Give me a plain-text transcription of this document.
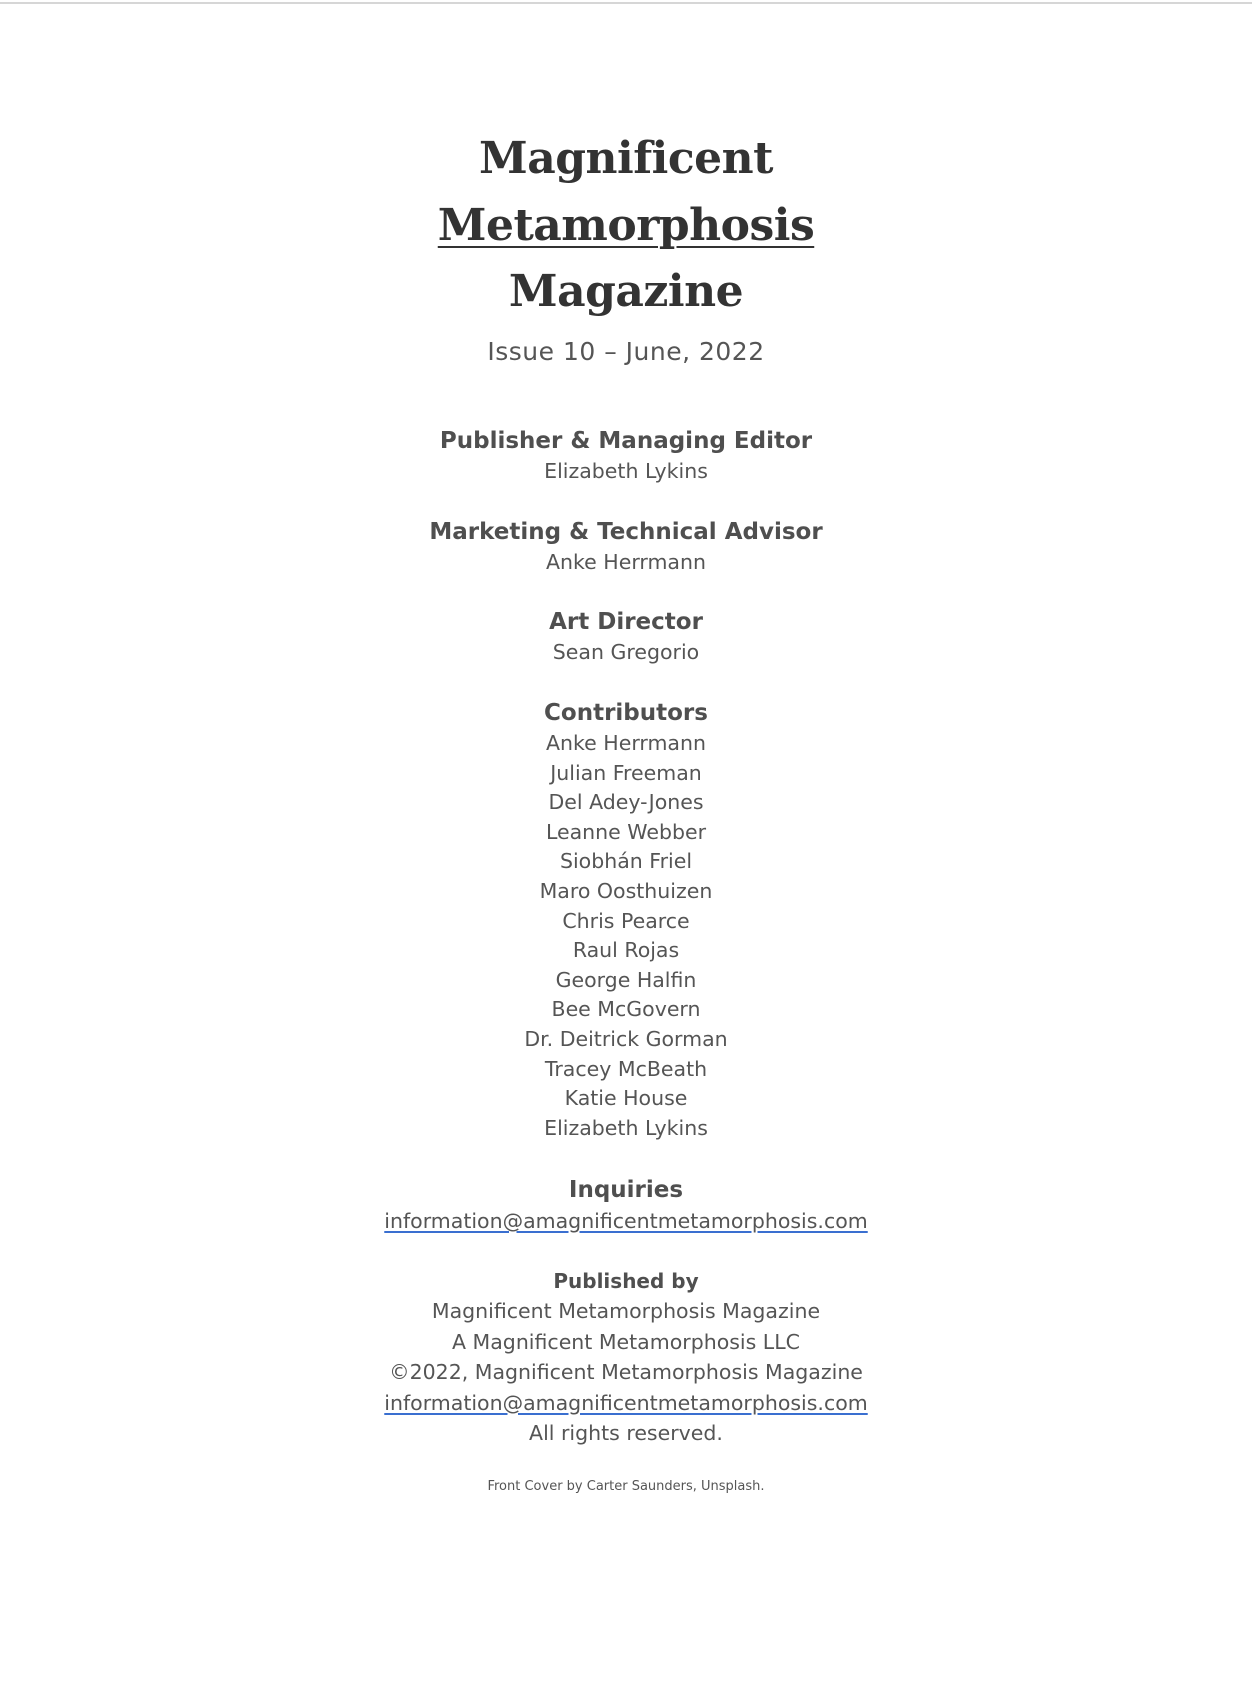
Magnificent
Metamorphosis
Magazine
Issue 10 – June, 2022
Publisher & Managing Editor
Elizabeth Lykins
Marketing & Technical Advisor
Anke Herrmann
Art Director
Sean Gregorio
Contributors
Anke Herrmann
Julian Freeman
Del Adey-Jones
Leanne Webber
Siobhán Friel
Maro Oosthuizen
Chris Pearce
Raul Rojas
George Halfin
Bee McGovern
Dr. Deitrick Gorman
Tracey McBeath
Katie House
Elizabeth Lykins
Inquiries
information@amagnificentmetamorphosis.com
Published by
Magnificent Metamorphosis Magazine
A Magnificent Metamorphosis LLC
©2022, Magnificent Metamorphosis Magazine
information@amagnificentmetamorphosis.com
All rights reserved.
Front Cover by Carter Saunders, Unsplash.
